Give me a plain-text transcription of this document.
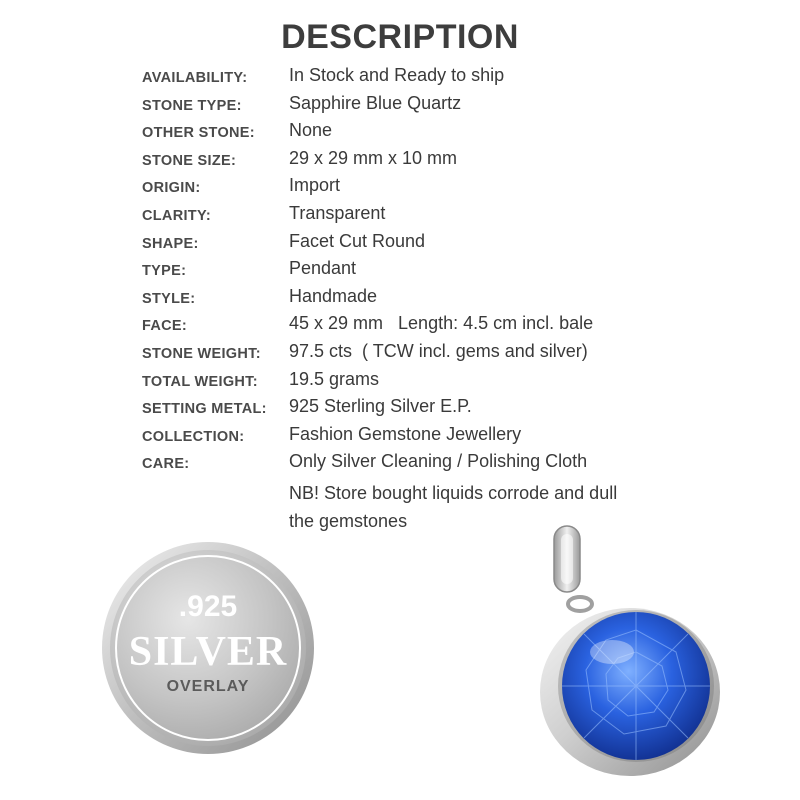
DESCRIPTION
AVAILABILITY: In Stock and Ready to ship
STONE TYPE:	Sapphire Blue Quartz
OTHER STONE: None
STONE SIZE:	29 x 29 mm x 10 mm
ORIGIN:	Import
CLARITY:	Transparent
SHAPE:	Facet Cut Round
TYPE:	Pendant
STYLE:	Handmade
FACE:	45 x 29 mm   Length: 4.5 cm incl. bale
STONE WEIGHT: 97.5 cts  ( TCW incl. gems and silver)
TOTAL WEIGHT: 19.5 grams
SETTING METAL: 925 Sterling Silver E.P.
COLLECTION: Fashion Gemstone Jewellery
CARE:	Only Silver Cleaning / Polishing Cloth
NB! Store bought liquids corrode and dull
the gemstones
.925
SILVER
OVERLAY
